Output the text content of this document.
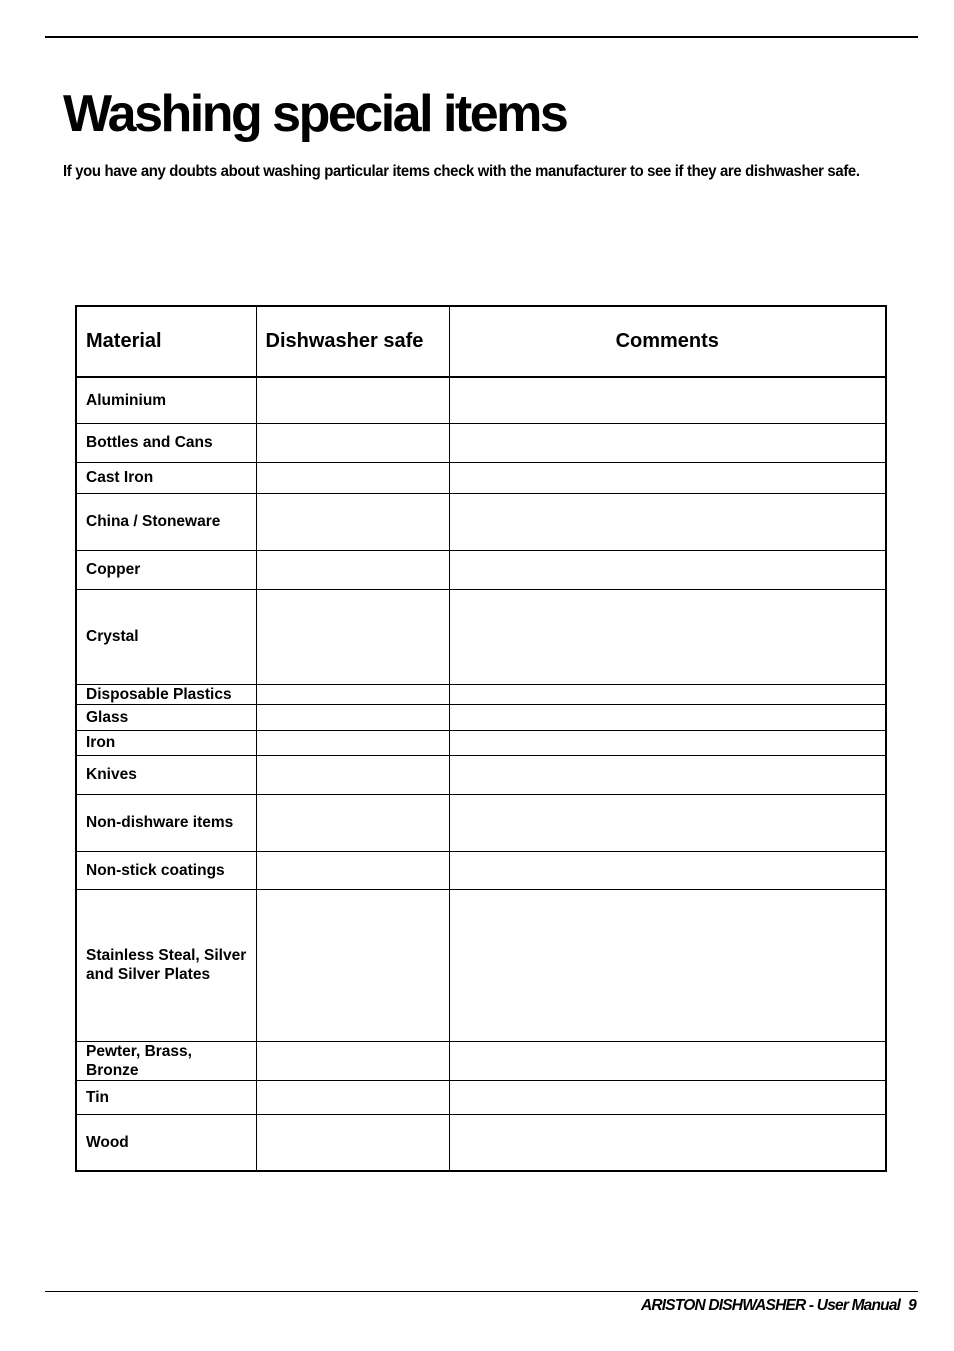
Washing special items

If you have any doubts about washing particular items check with the manufacturer to see if they are dishwasher safe.

Material	Dishwasher safe	Comments
Aluminium		
Bottles and Cans		
Cast Iron		
China / Stoneware		
Copper		
Crystal		
Disposable Plastics		
Glass		
Iron		
Knives		
Non-dishware items		
Non-stick coatings		
Stainless Steal, Silver and Silver Plates		
Pewter, Brass, Bronze		
Tin		
Wood		
ARISTON DISHWASHER - User Manual 9
